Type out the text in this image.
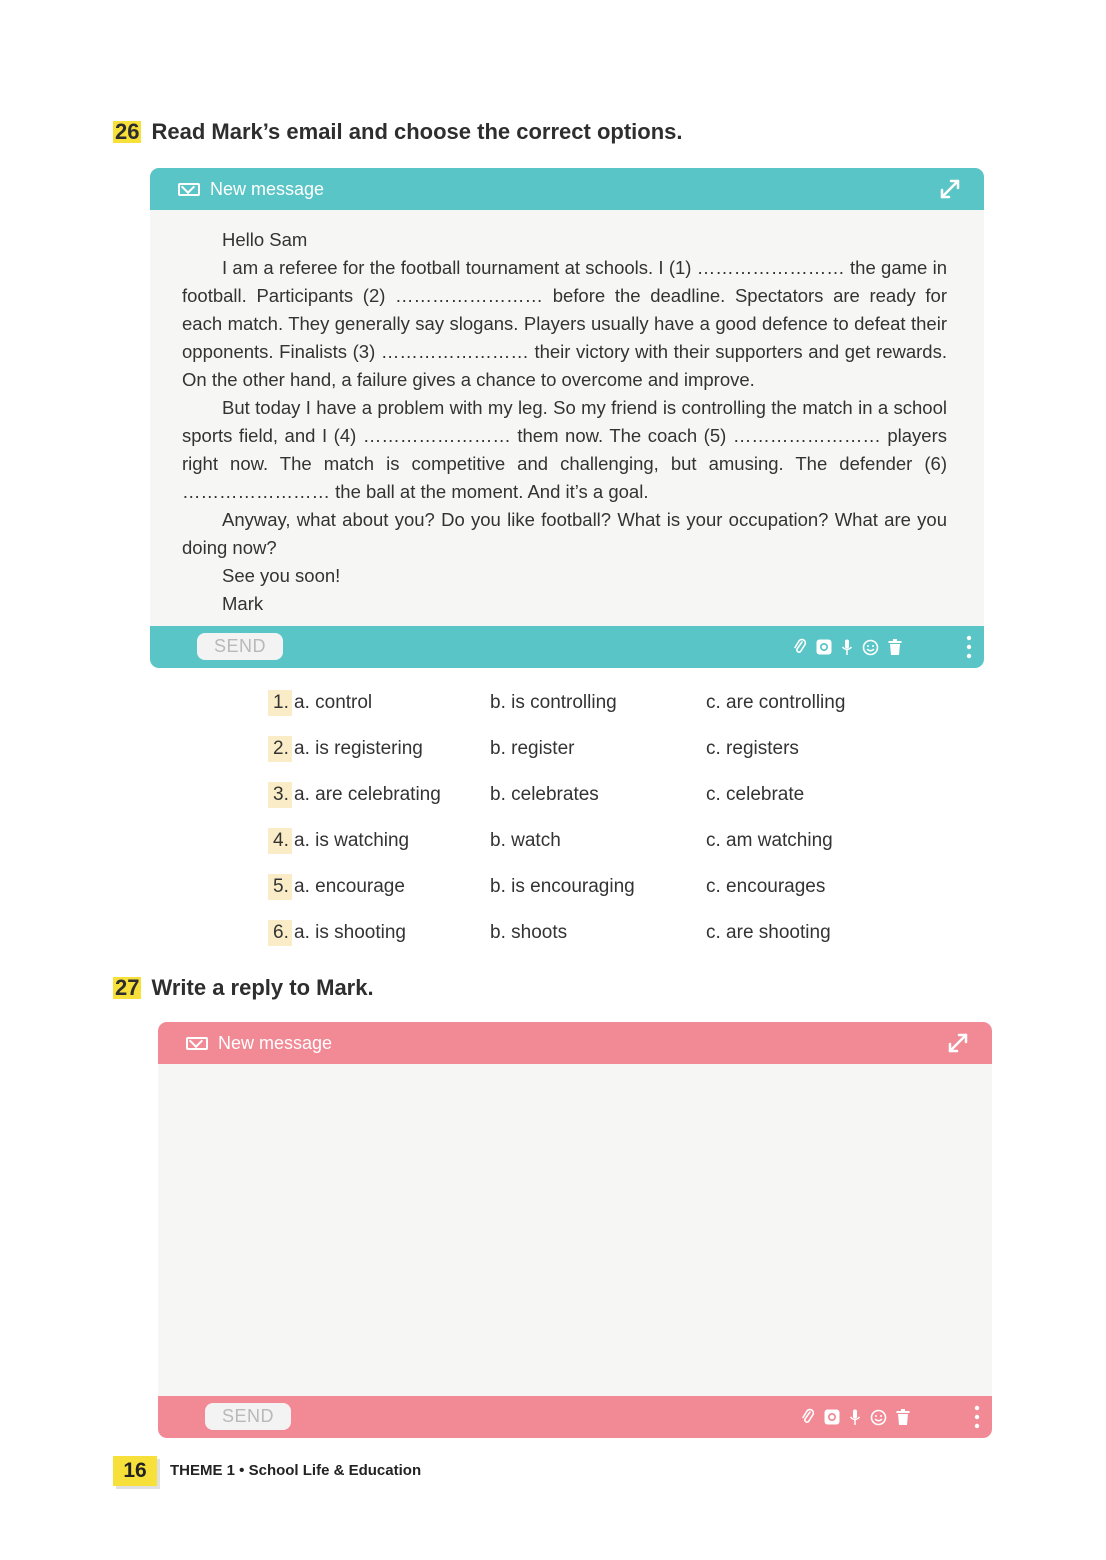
26 Read Mark’s email and choose the correct options.
New message

Hello Sam

I am a referee for the football tournament at schools. I (1) …………………… the game in football. Participants (2) …………………… before the deadline. Spectators are ready for each match. They generally say slogans. Players usually have a good defence to defeat their opponents. Finalists (3) …………………… their victory with their supporters and get rewards. On the other hand, a failure gives a chance to overcome and improve.

But today I have a problem with my leg. So my friend is controlling the match in a school sports field, and I (4) …………………… them now. The coach (5) …………………… players right now. The match is competitive and challenging, but amusing. The defender (6) …………………… the ball at the moment. And it’s a goal.

Anyway, what about you? Do you like football? What is your occupation? What are you doing now?

See you soon!

Mark

SEND
1. a. control	b. is controlling	c. are controlling
2. a. is registering	b. register	c. registers
3. a. are celebrating	b. celebrates	c. celebrate
4. a. is watching	b. watch	c. am watching
5. a. encourage	b. is encouraging	c. encourages
6. a. is shooting	b. shoots	c. are shooting
27 Write a reply to Mark.
New message
SEND
16	THEME 1 • School Life & Education
